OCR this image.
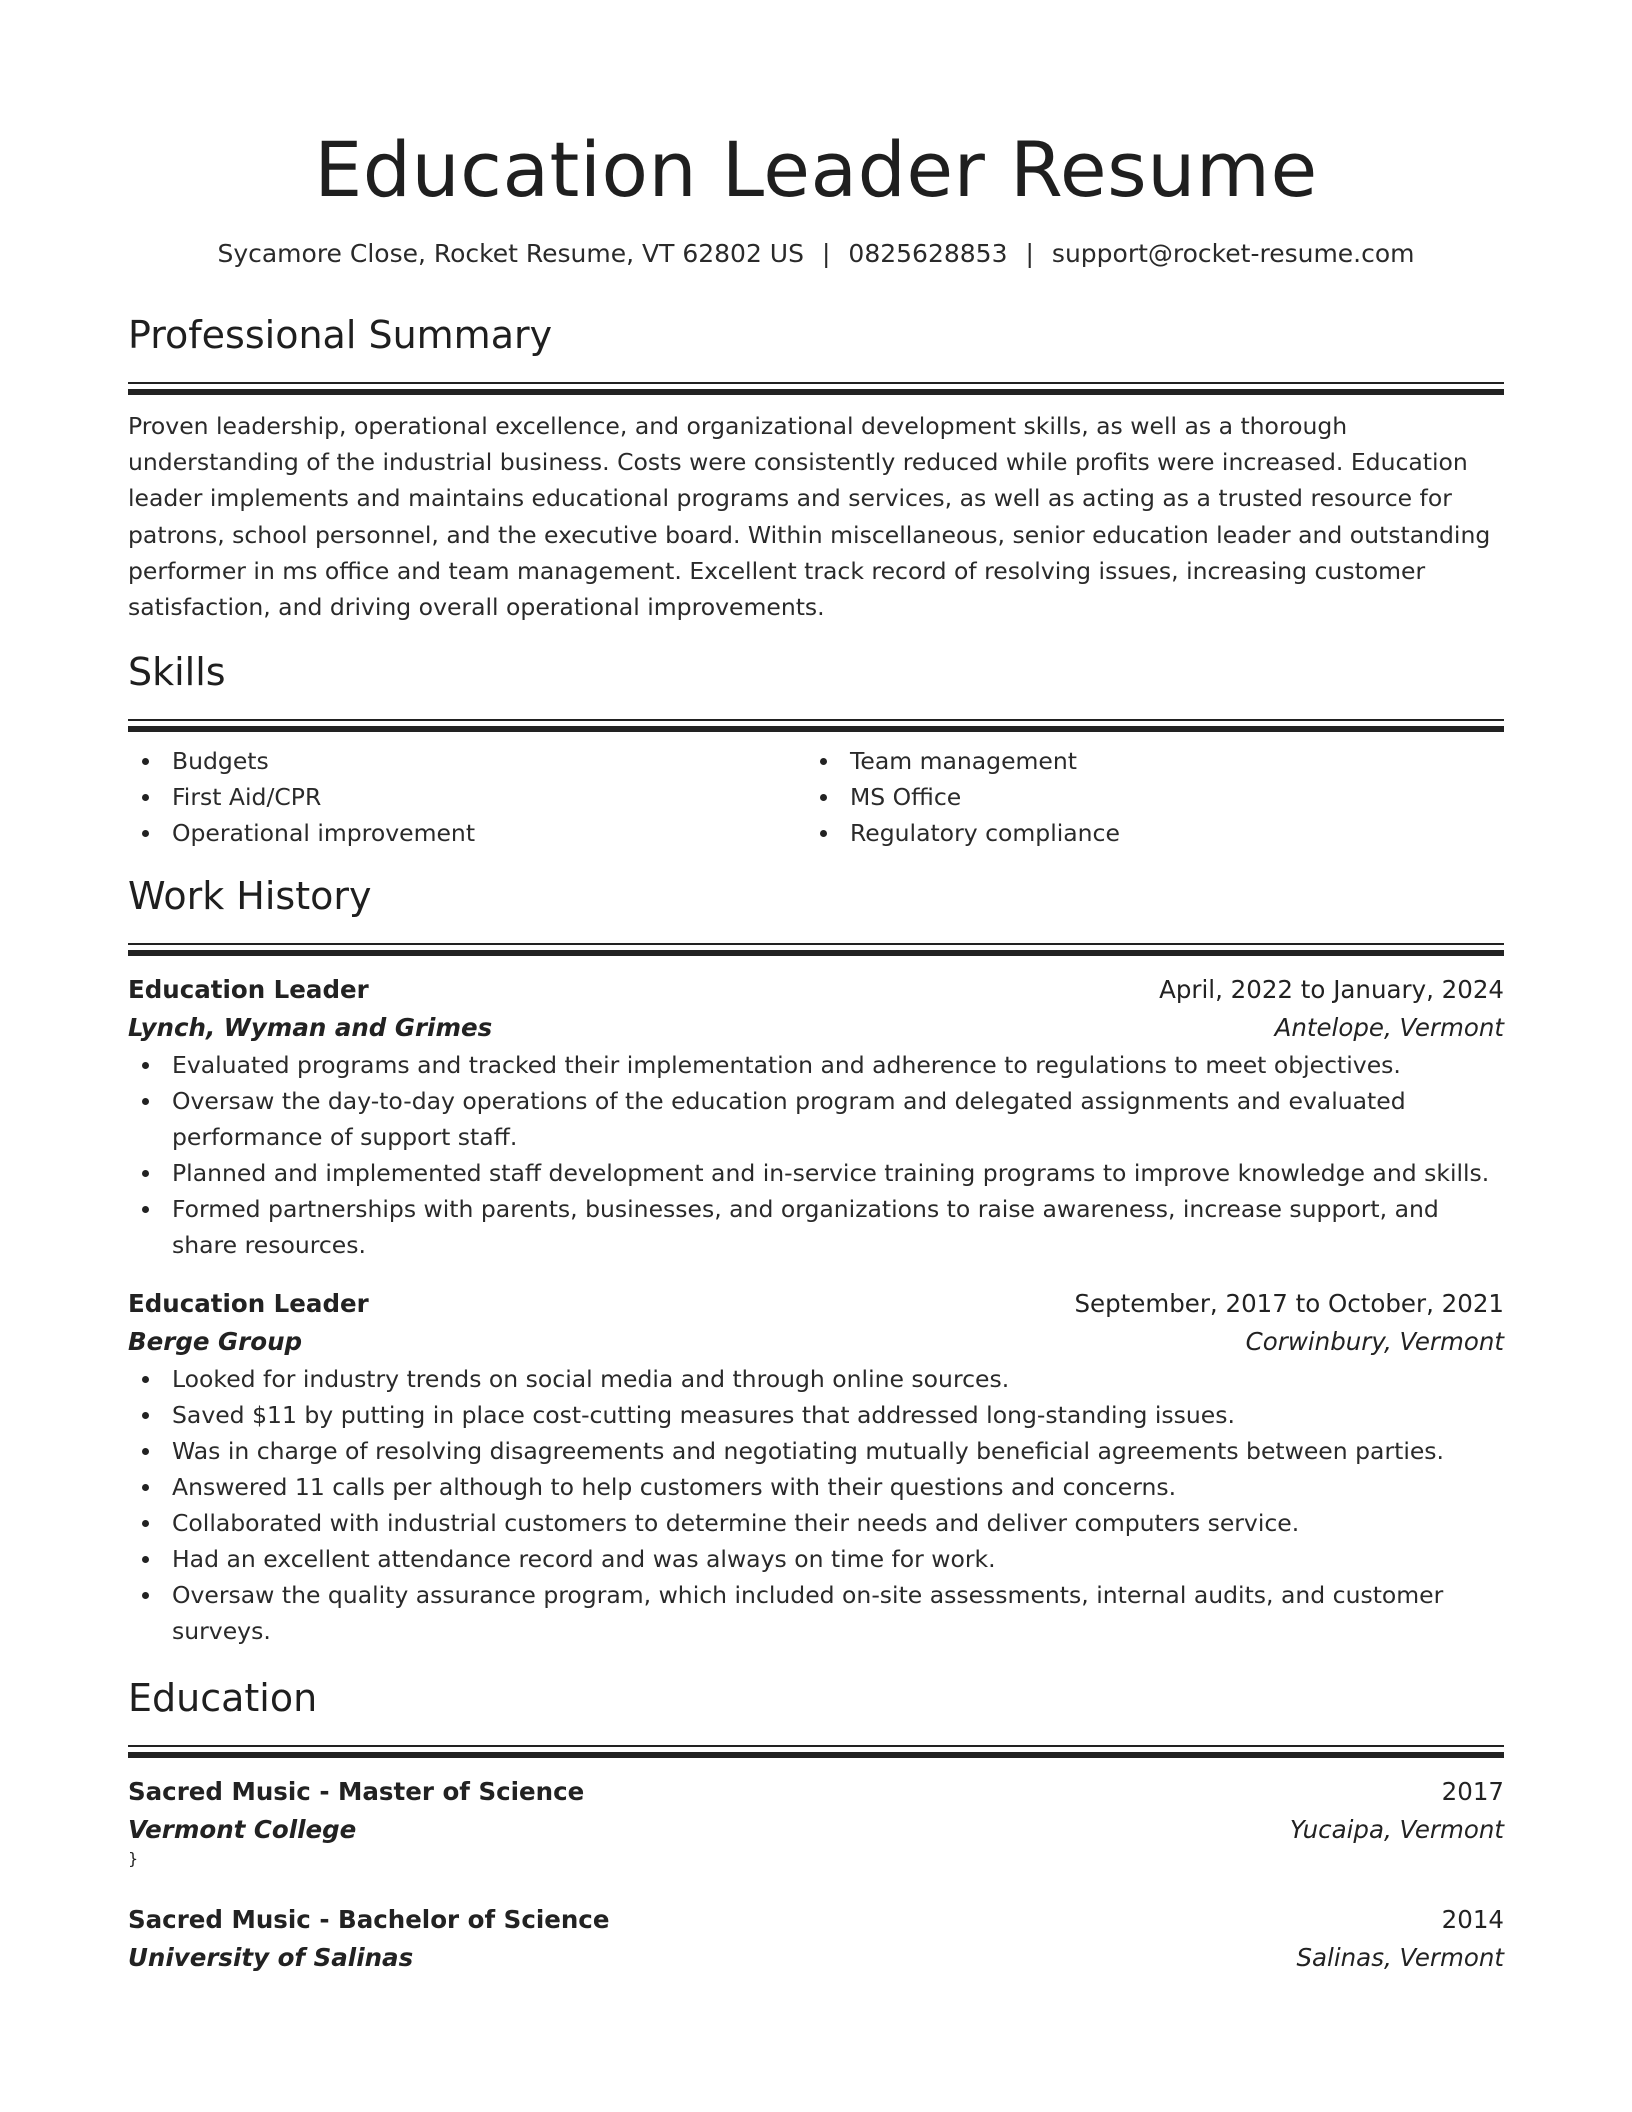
Education Leader Resume
Sycamore Close, Rocket Resume, VT 62802 US | 0825628853 | support@rocket-resume.com
Professional Summary
Proven leadership, operational excellence, and organizational development skills, as well as a thorough understanding of the industrial business. Costs were consistently reduced while profits were increased. Education leader implements and maintains educational programs and services, as well as acting as a trusted resource for patrons, school personnel, and the executive board. Within miscellaneous, senior education leader and outstanding performer in ms office and team management. Excellent track record of resolving issues, increasing customer satisfaction, and driving overall operational improvements.
Skills
Budgets
First Aid/CPR
Operational improvement
Team management
MS Office
Regulatory compliance
Work History
Education Leader	April, 2022 to January, 2024
Lynch, Wyman and Grimes	Antelope, Vermont
Evaluated programs and tracked their implementation and adherence to regulations to meet objectives.
Oversaw the day-to-day operations of the education program and delegated assignments and evaluated performance of support staff.
Planned and implemented staff development and in-service training programs to improve knowledge and skills.
Formed partnerships with parents, businesses, and organizations to raise awareness, increase support, and share resources.
Education Leader	September, 2017 to October, 2021
Berge Group	Corwinbury, Vermont
Looked for industry trends on social media and through online sources.
Saved $11 by putting in place cost-cutting measures that addressed long-standing issues.
Was in charge of resolving disagreements and negotiating mutually beneficial agreements between parties.
Answered 11 calls per although to help customers with their questions and concerns.
Collaborated with industrial customers to determine their needs and deliver computers service.
Had an excellent attendance record and was always on time for work.
Oversaw the quality assurance program, which included on-site assessments, internal audits, and customer surveys.
Education
Sacred Music - Master of Science	2017
Vermont College	Yucaipa, Vermont
}
Sacred Music - Bachelor of Science	2014
University of Salinas	Salinas, Vermont
